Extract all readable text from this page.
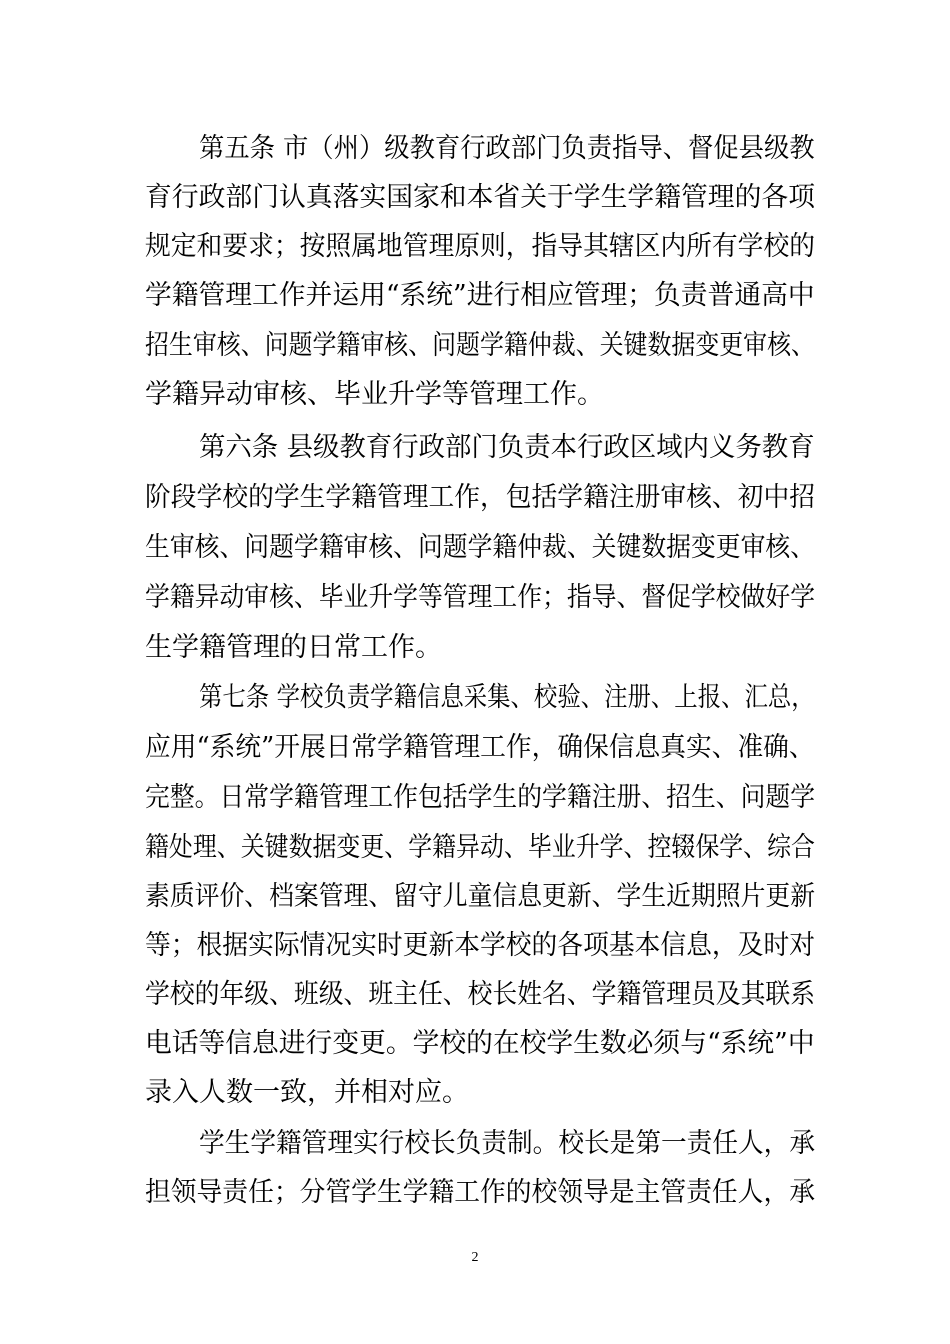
第五条 市（州）级教育行政部门负责指导、督促县级教
育行政部门认真落实国家和本省关于学生学籍管理的各项
规定和要求；按照属地管理原则，指导其辖区内所有学校的
学籍管理工作并运用“系统”进行相应管理；负责普通高中
招生审核、问题学籍审核、问题学籍仲裁、关键数据变更审核、
学籍异动审核、毕业升学等管理工作。
第六条 县级教育行政部门负责本行政区域内义务教育
阶段学校的学生学籍管理工作，包括学籍注册审核、初中招
生审核、问题学籍审核、问题学籍仲裁、关键数据变更审核、
学籍异动审核、毕业升学等管理工作；指导、督促学校做好学
生学籍管理的日常工作。
第七条 学校负责学籍信息采集、校验、注册、上报、汇总，
应用“系统”开展日常学籍管理工作，确保信息真实、准确、
完整。日常学籍管理工作包括学生的学籍注册、招生、问题学
籍处理、关键数据变更、学籍异动、毕业升学、控辍保学、综合
素质评价、档案管理、留守儿童信息更新、学生近期照片更新
等；根据实际情况实时更新本学校的各项基本信息，及时对
学校的年级、班级、班主任、校长姓名、学籍管理员及其联系
电话等信息进行变更。学校的在校学生数必须与“系统”中
录入人数一致，并相对应。
学生学籍管理实行校长负责制。校长是第一责任人，承
担领导责任；分管学生学籍工作的校领导是主管责任人，承
2
